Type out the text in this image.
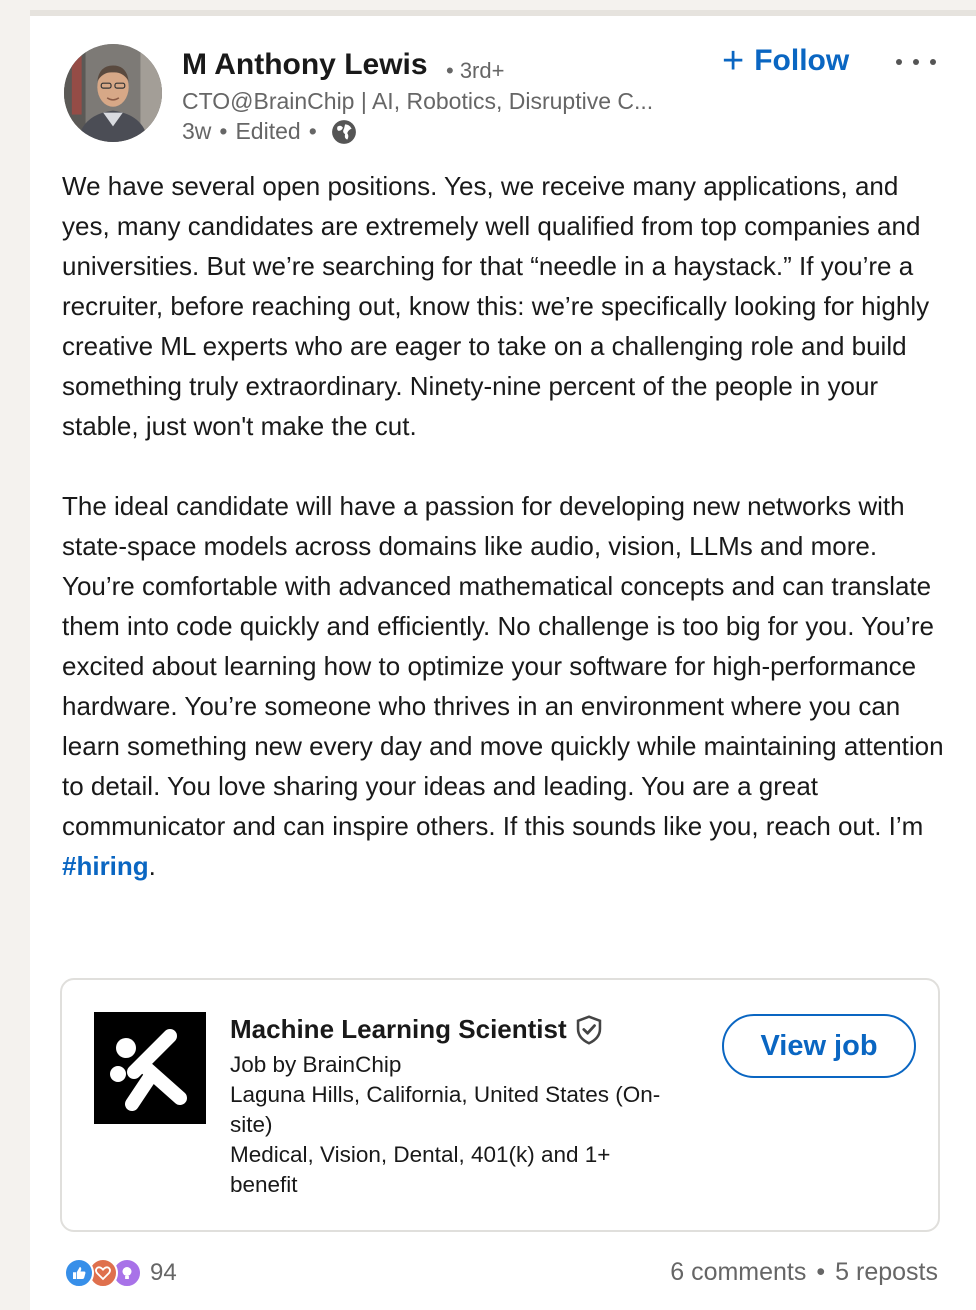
M Anthony Lewis • 3rd+
CTO@BrainChip | AI, Robotics, Disruptive C...
3w • Edited •
+ Follow

We have several open positions. Yes, we receive many applications, and yes, many candidates are extremely well qualified from top companies and universities. But we’re searching for that “needle in a haystack.” If you’re a recruiter, before reaching out, know this: we’re specifically looking for highly creative ML experts who are eager to take on a challenging role and build something truly extraordinary. Ninety-nine percent of the people in your stable, just won't make the cut.

The ideal candidate will have a passion for developing new networks with state-space models across domains like audio, vision, LLMs and more. You’re comfortable with advanced mathematical concepts and can translate them into code quickly and efficiently. No challenge is too big for you. You’re excited about learning how to optimize your software for high-performance hardware. You’re someone who thrives in an environment where you can learn something new every day and move quickly while maintaining attention to detail. You love sharing your ideas and leading. You are a great communicator and can inspire others. If this sounds like you, reach out. I’m #hiring.

Machine Learning Scientist
Job by BrainChip
Laguna Hills, California, United States (On-site)
Medical, Vision, Dental, 401(k) and 1+ benefit
View job
94	6 comments • 5 reposts
